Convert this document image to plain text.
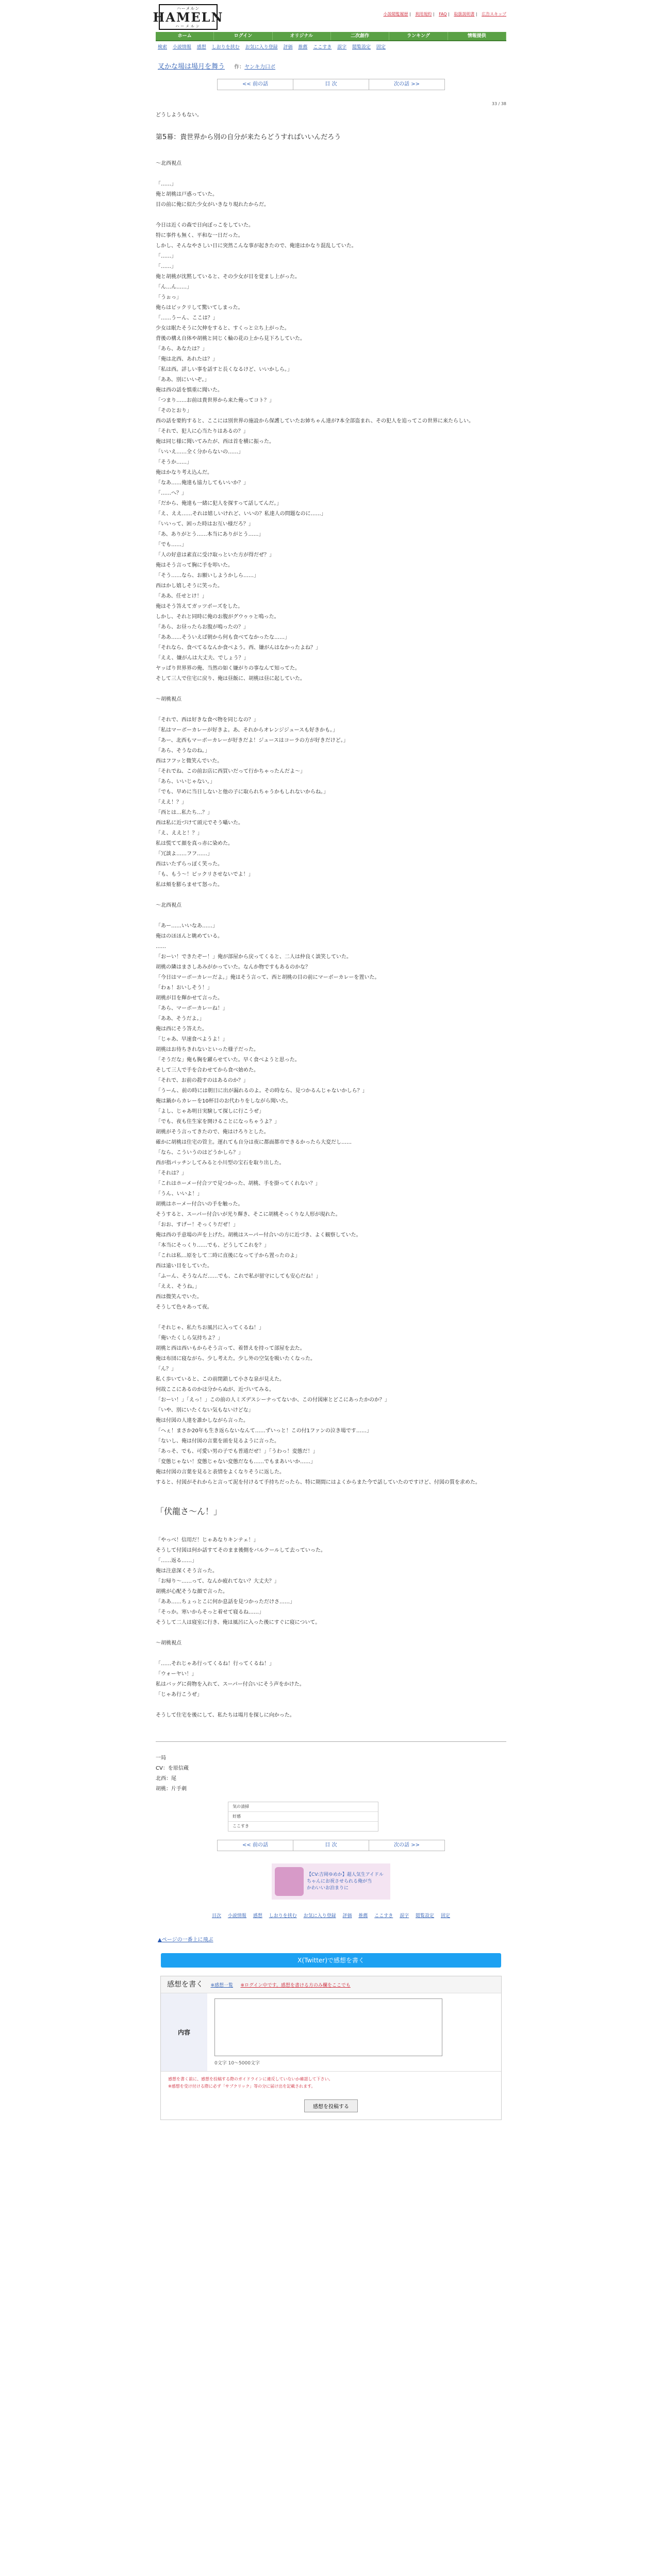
ハーメルン
HAMELN
ハーメルン
小説閲覧履歴 | 利用規約 | FAQ | 取扱説明書 | 広告スキップ
ホーム	ログイン	オリジナル	二次創作	ランキング	情報提供
検索 小説情報 感想 しおりを挟む お気に入り登録 評価 推薦 ここすき 誤字 閲覧設定 固定
叉かな場は場月を舞う 作：ヤンキ力口ボ
<< 前の話	目 次	次の話 >>
33 / 38
どうしようもない。
第5幕：貴世界から別の自分が来たらどうすればいいんだろう
〜北西視点
「……」
俺と胡桃は戸惑っていた。
目の前に俺に似た少女がいきなり現れたからだ。
今日は近くの森で日向ぼっこをしていた。
特に事件も無く、平和な一日だった。
しかし、そんなやさしい日に突然こんな事が起きたので、俺達はかなり混乱していた。
「……」
「……」
俺と胡桃が沈黙していると、その少女が目を覚まし上がった。
「ん…ん……」
「うぉっ」
俺らはビックリして驚いてしまった。
「……うーん、ここは？」
少女は眠たそうに欠伸をすると、すくっと立ち上がった。
背後の構え自体や胡桃と同じく輪の花の上から見下ろしていた。
「あら、あなたは？」
「俺は北西、あれたは？」
「私は西。詳しい事を話すと長くなるけど、いいかしら。」
「ああ、別にいいぞ。」
俺は西の話を慎重に聞いた。
「つまり……お前は貴世界から来た俺ってコト？」
「そのとおり」
西の話を要約すると、ここには別世界の施設から保護していたお姉ちゃん達が7本全部盗まれ、その犯人を追ってこの世界に来たらしい。
「それで、犯人に心当たりはあるの？」
俺は同じ様に聞いてみたが、西は首を横に振った。
「いいえ……全く分からないの……」
「そうか……」
俺はかなり考え込んだ。
「なあ……俺達も協力してもいいか？」
「……へ？」
「だから、俺達も一緒に犯人を探すって話してんだ。」
「え、ええ……それは嬉しいけれど、いいの？私達人の問題なのに……」
「いいって、困った時はお互い様だろ？」
「あ、ありがとう……本当にありがとう……」
「でも……」
「人の好意は素直に受け取っといた方が得だぜ？」
俺はそう言って胸に手を叩いた。
「そう……なら、お願いしようかしら……」
西はかし嬉しそうに笑った。
「ああ、任せとけ！」
俺はそう答えてガッツポーズをした。
しかし、それと同時に俺のお腹がグウゥゥと鳴った。
「あら、お昼ったらお腹が鳴ったの？」
「ああ……そういえば朝から何も食べてなかったな……」
「それなら、食べてるなんか食べよう。西、嫌がんはなかったよね？」
「ええ、嫌がんは大丈夫、でしょう？」
ヤッぱり世界界の俺、当然の如く嫌がりの事なんて知ってた。
そして三人で住宅に戻り、俺は昼飯に、胡桃は昼に起していた。
〜胡桃視点
「それで、西は好きな食べ物を同じなの？」
「私はマーボーカレーが好きよ。あ、それからオレンジジュースも好きかも。」
「あー、北西もマーボーカレーが好きだよ！ジュースはコーラの方が好きだけど。」
「あら、そうなのね。」
西はフフッと微笑んでいた。
「それでね、この前お店に西買いだって行かちゃったんだよ〜」
「あら、いいじゃない。」
「でも、早めに当日しないと他の子に取られちゃうかもしれないからね。」
「ええ！？」
「西とは…私たち…？」
西は私に近づけて頭元でそう囁いた。
「え、ええと！？」
私は慌てて顔を真っ赤に染めた。
「冗談よ……フフ……」
西はいたずらっぽく笑った。
「も、もう〜！ビックリさせないでよ！」
私は頬を膨らませて怒った。
〜北西視点
「あー……いいなあ……」
俺はのほほんと眺めている。
……
「おーい！できたぞー！」俺が部屋から戻ってくると、二人は仲良く談笑していた。
胡桃の隣はまさしあみがかっていた。なんか物ですもあるのかな？
「今日はマーボーカレーだよ。」俺はそう言って、西と胡桃の目の前にマーボーカレーを置いた。
「わぁ！おいしそう！」
胡桃が目を輝かせて言った。
「あら、マーボーカレーね！」
「ああ、そうだよ。」
俺は西にそう答えた。
「じゃあ、早速食べようよ！」
胡桃はお待ちきれないといった様子だった。
「そうだな」俺も胸を躍らせていた。早く食べようと思った。
そして三人で手を合わせてから食べ始めた。
「それで、お前の殺すのはあるのか？」
「うーん、前の時には朝日に出が漏れるのよ。その時なら、見つかるんじゃないかしら？」
俺は鍋からカレーを10杯目のお代わりをしながら聞いた。
「よし、じゃあ明日実験して探しに行こうぜ」
「でも、夜も住生家を開けることになっちゃうよ？」
胡桃がそう言ってきたので、俺はけろりとした。
確かに胡桃は住宅の管主。運れても自分は夜に都面都市できるかったら大変だし……
「なら、こういうのはどうかしら？」
西が指パッチンしてみると小川型の宝石を取り出した。
「それは？」
「これはホーメー付合ツで見つかった、胡桃、手を掛ってくれない？」
「うん、いいよ！」
胡桃はホーメー付合いの手を触った。
そうすると、スーパー付合いが光り輝き、そこに胡桃そっくりな人形が現れた。
「おお、すげー！そっくりだぜ！」
俺は西の手意場の声を上げた。胡桃はスーパー付合いの方に近づき、よく観察していた。
「本当にそっくり……でも、どうしてこれを？」
「これは私…原をして二時に直後になって子から置ったのよ」
西は遠い目をしていた。
「ふーん、そうなんだ……でも、これで私が留守にしても安心だね！」
「ええ、そうね。」
西は微笑んでいた。
そうして色々あって夜。
「それじゃ、私たちお風呂に入ってくるね！」
「俺いたくしら気持ちよ？」
胡桃と西は西いもからそう言って、着替えを持って部屋を去た。
俺は布団に寝ながら、少し考えた。少し外の空気を吸いたくなった。
「ん？」
私く歩いていると、この前閉鎖して小さな泉が見えた。
何故ここにあるのかは分からぬが、近づいてみる。
「おーい！」「えっ！」この前の人ミズデスシーナってないか、この付図庫とどこにあったかのか？」
「いや、別にいたくない気もないけどな」
俺は付図の人達を誰かしながら言った。
「へぇ！まさか20年も生き返らないなんて……ずいっと！この付1ファンの泣き場です……」
「ないし、俺は付図の言葉を頭を見るように言った。
「あっそ、でも、可愛い男の子でも普通だぜ！」「うわっ！変態だ！」
「変態じゃない！変態じゃない変態だなも……でもまあいいか……」
俺は付図の言葉を見ると表情をよくなりそうに返した。
すると、付図がそれからと言って泥を付けるて手持ちだったら、特に期間にはよくからまた今で話していたのですけど、付図の質を求めた。
「伏龍さ〜ん！」
「やっべ！信用だ！じゃあなりキンテェ！」
そうして付図は何か話すてそのまま後側をバルクールして去っていった。
「……返る……」
俺は注意深くそう言った。
「お帰り〜……って、なんか疲れてない？大丈夫？」
胡桃が心配そうな顔で言った。
「ああ……ちょっとこに何か息話を見つかっただけさ……」
「そっか。寒いからそっと着せて寝るね……」
そうして二人は寝室に行き、俺は風呂に入った後にすぐに寝について。
〜胡桃視点
「……それじゃあ行ってくるね！行ってくるね！」
「ウォーヤい！」
私はバッグに荷物を入れて、スーパー付合いにそう声をかけた。
「じゃあ行こうぜ」
そうして住宅を後にして、私たちは場月を探しに向かった。
一局
CV：を原信蔵
北西：尾
胡桃：片手刺
気の清掃
好感
ここすき
<< 前の話	目 次	次の話 >>
【CV:吉岡ゆめか】超人気生アイドル
ちゃんにお祝させられる俺が当
かわいいお泊まりに
目次 小説情報 感想 しおりを挟む お気に入り登録 評価 推薦 ここすき 誤字 閲覧設定 固定
▲ページの一番上に飛ぶ
X(Twitter)で感想を書く
感想を書く ※感想一覧 ※ログイン中です。感想を書ける方のみ欄をここでも
内容
0文字 10〜5000文字
感想を書く前に、感想を投稿する際のガイドラインに違反していないか確認して下さい。
※感想を受け付ける際に必ず「サブクリック」等の分に届け出を記載されます。
感想を投稿する
